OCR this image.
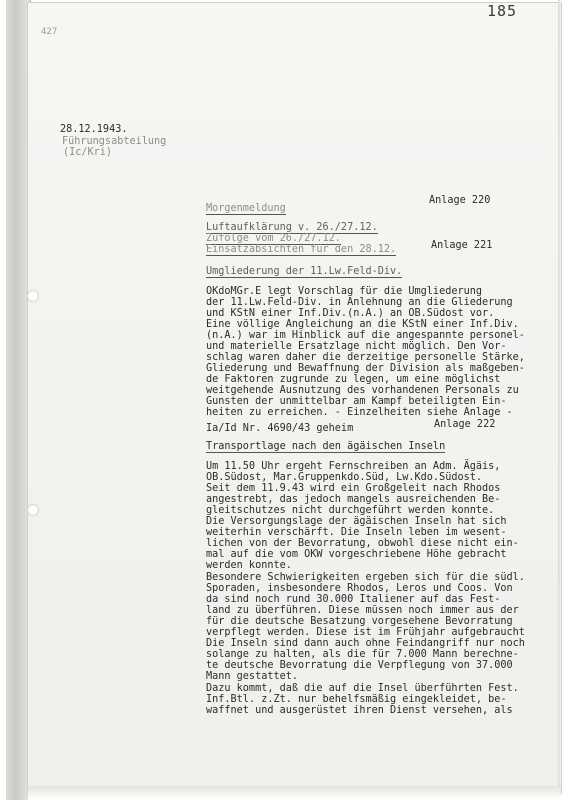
427
185
28.12.1943.
Führungsabteilung
(Ic/Kri)
Morgenmeldung
Anlage 220
Luftaufklärung v. 26./27.12.
Zufolge vom 26./27.12.
Einsatzabsichten für den 28.12.	Anlage 221
Umgliederung der 11.Lw.Feld-Div.
OKdoMGr.E legt Vorschlag für die Umgliederung
der 11.Lw.Feld-Div. in Anlehnung an die Gliederung
und KStN einer Inf.Div.(n.A.) an OB.Südost vor.
Eine völlige Angleichung an die KStN einer Inf.Div.
(n.A.) war im Hinblick auf die angespannte personel-
und materielle Ersatzlage nicht möglich. Den Vor-
schlag waren daher die derzeitige personelle Stärke,
Gliederung und Bewaffnung der Division als maßgeben-
de Faktoren zugrunde zu legen, um eine möglichst
weitgehende Ausnutzung des vorhandenen Personals zu
Gunsten der unmittelbar am Kampf beteiligten Ein-
heiten zu erreichen. - Einzelheiten siehe Anlage -
Ia/Id Nr. 4690/43 geheim	Anlage 222
Transportlage nach den ägäischen Inseln
Um 11.50 Uhr ergeht Fernschreiben an Adm. Ägäis,
OB.Südost, Mar.Gruppenkdo.Süd, Lw.Kdo.Südost.
Seit dem 11.9.43 wird ein Großgeleit nach Rhodos
angestrebt, das jedoch mangels ausreichenden Be-
gleitschutzes nicht durchgeführt werden konnte.
Die Versorgungslage der ägäischen Inseln hat sich
weiterhin verschärft. Die Inseln leben im wesent-
lichen von der Bevorratung, obwohl diese nicht ein-
mal auf die vom OKW vorgeschriebene Höhe gebracht
werden konnte.
Besondere Schwierigkeiten ergeben sich für die südl.
Sporaden, insbesondere Rhodos, Leros und Coos. Von
da sind noch rund 30.000 Italiener auf das Fest-
land zu überführen. Diese müssen noch immer aus der
für die deutsche Besatzung vorgesehene Bevorratung
verpflegt werden. Diese ist im Frühjahr aufgebraucht
Die Inseln sind dann auch ohne Feindangriff nur noch
solange zu halten, als die für 7.000 Mann berechne-
te deutsche Bevorratung die Verpflegung von 37.000
Mann gestattet.
Dazu kommt, daß die auf die Insel überführten Fest.
Inf.Btl. z.Zt. nur behelfsmäßig eingekleidet, be-
waffnet und ausgerüstet ihren Dienst versehen, als
